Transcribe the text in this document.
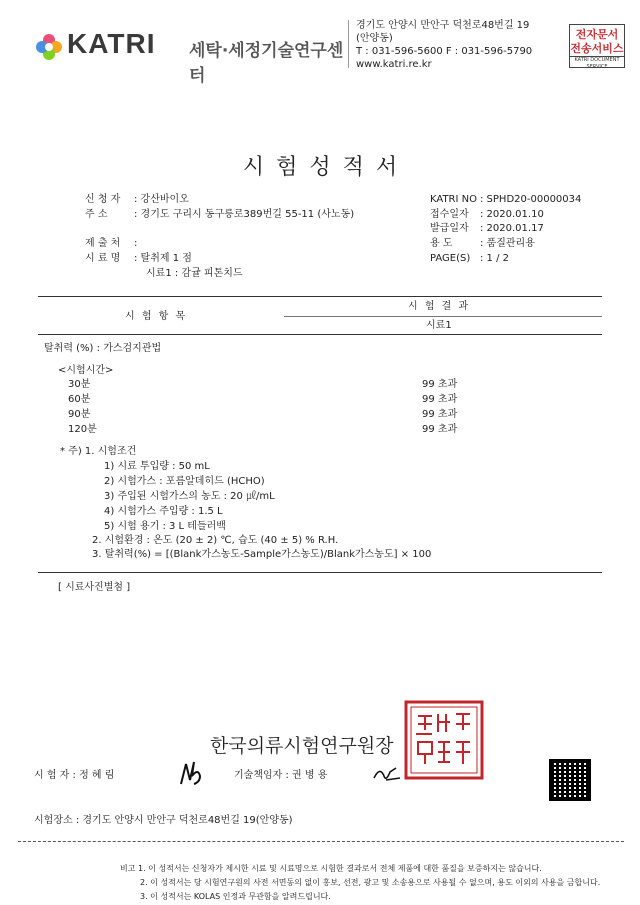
KATRI 세탁·세정기술연구센터
경기도 안양시 만안구 덕천로48번길 19
(안양동)
T : 031-596-5600 F : 031-596-5790
www.katri.re.kr
전자문서
전송서비스
KATRI DOCUMENT SERVICE
시험성적서
신 청 자 : 강산바이오
주 소	: 경기도 구리시 동구릉로389번길 55-11 (사노동)
제 출 처 :
시 료 명 : 탈취제 1 점
시료1 : 감귤 피톤치드
KATRI NO : SPHD20-00000034
접수일자 : 2020.01.10
발급일자 : 2020.01.17
용 도	: 품질관리용
PAGE(S) : 1 / 2
시 험 항 목
시 험 결 과
시료1
탈취력 (%) : 가스검지관법
<시험시간>
30분	99 초과
60분	99 초과
90분	99 초과
120분	99 초과
* 주) 1. 시험조건
1) 시료 투입량 : 50 mL
2) 시험가스 : 포름알데히드 (HCHO)
3) 주입된 시험가스의 농도 : 20 ㎕/mL
4) 시험가스 주입량 : 1.5 L
5) 시험 용기 : 3 L 테들러백
2. 시험환경 : 온도 (20 ± 2) ℃, 습도 (40 ± 5) % R.H.
3. 탈취력(%) = [(Blank가스농도-Sample가스농도)/Blank가스농도] × 100
[ 시료사진별첨 ]
한국의류시험연구원장
시 험 자 : 정 혜 림	기술책임자 : 권 병 용
시험장소 : 경기도 안양시 만안구 덕천로48번길 19(안양동)
비고 1. 이 성적서는 신청자가 제시한 시료 및 시료명으로 시험한 결과로서 전체 제품에 대한 품질을 보증하지는 않습니다.
2. 이 성적서는 당 시험연구원의 사전 서면동의 없이 홍보, 선전, 광고 및 소송용으로 사용될 수 없으며, 용도 이외의 사용을 금합니다.
3. 이 성적서는 KOLAS 인정과 무관함을 알려드립니다.
